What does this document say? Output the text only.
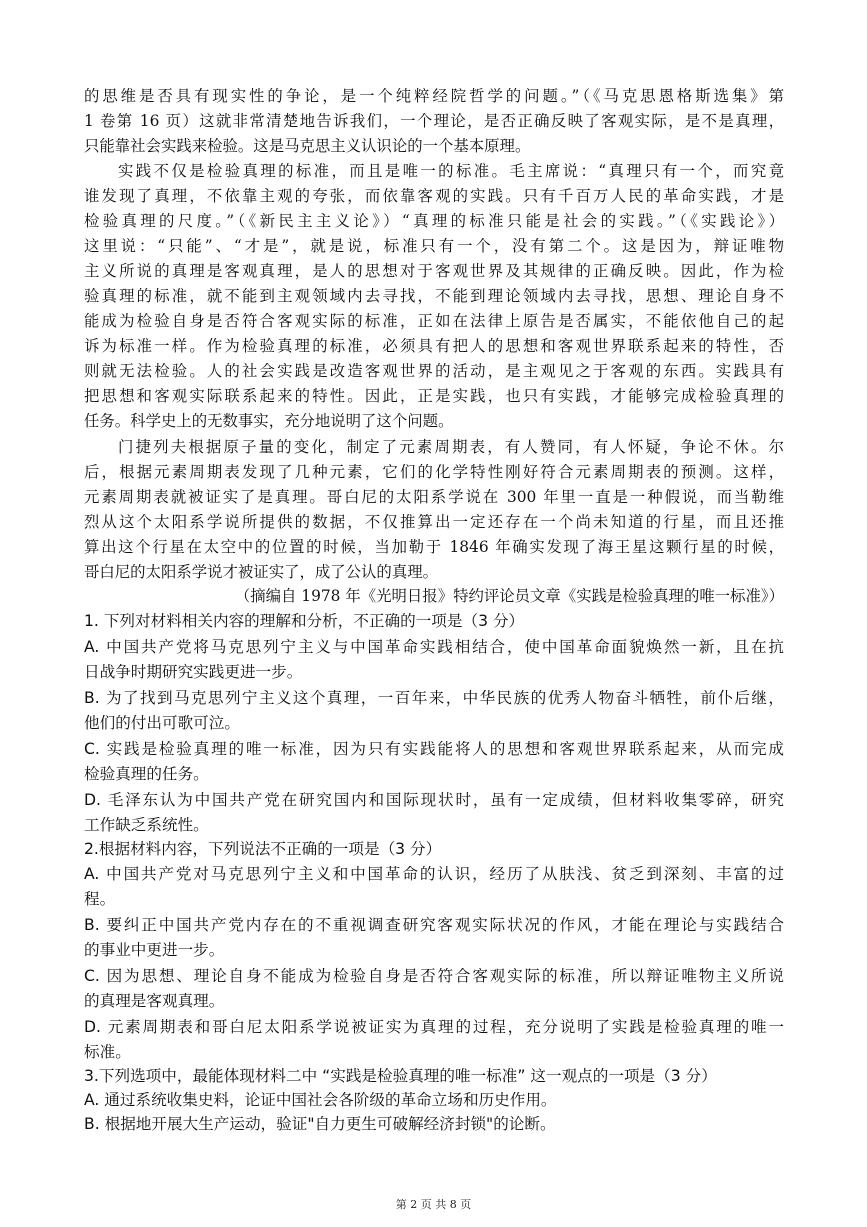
的思维是否具有现实性的争论，是一个纯粹经院哲学的问题。”（《马克思恩格斯选集》第
1 卷第 16 页）这就非常清楚地告诉我们，一个理论，是否正确反映了客观实际，是不是真理，
只能靠社会实践来检验。这是马克思主义认识论的一个基本原理。
实践不仅是检验真理的标准，而且是唯一的标准。毛主席说：“真理只有一个，而究竟
谁发现了真理，不依靠主观的夸张，而依靠客观的实践。只有千百万人民的革命实践，才是
检验真理的尺度。”（《新民主主义论》）“真理的标准只能是社会的实践。”（《实践论》）
这里说：“只能”、“才是”，就是说，标准只有一个，没有第二个。这是因为，辩证唯物
主义所说的真理是客观真理，是人的思想对于客观世界及其规律的正确反映。因此，作为检
验真理的标准，就不能到主观领域内去寻找，不能到理论领域内去寻找，思想、理论自身不
能成为检验自身是否符合客观实际的标准，正如在法律上原告是否属实，不能依他自己的起
诉为标准一样。作为检验真理的标准，必须具有把人的思想和客观世界联系起来的特性，否
则就无法检验。人的社会实践是改造客观世界的活动，是主观见之于客观的东西。实践具有
把思想和客观实际联系起来的特性。因此，正是实践，也只有实践，才能够完成检验真理的
任务。科学史上的无数事实，充分地说明了这个问题。
门捷列夫根据原子量的变化，制定了元素周期表，有人赞同，有人怀疑，争论不休。尔
后，根据元素周期表发现了几种元素，它们的化学特性刚好符合元素周期表的预测。这样，
元素周期表就被证实了是真理。哥白尼的太阳系学说在 300 年里一直是一种假说，而当勒维
烈从这个太阳系学说所提供的数据，不仅推算出一定还存在一个尚未知道的行星，而且还推
算出这个行星在太空中的位置的时候，当加勒于 1846 年确实发现了海王星这颗行星的时候，
哥白尼的太阳系学说才被证实了，成了公认的真理。
（摘编自 1978 年《光明日报》特约评论员文章《实践是检验真理的唯一标准》）
1. 下列对材料相关内容的理解和分析，不正确的一项是（3 分）
A. 中国共产党将马克思列宁主义与中国革命实践相结合，使中国革命面貌焕然一新，且在抗
日战争时期研究实践更进一步。
B. 为了找到马克思列宁主义这个真理，一百年来，中华民族的优秀人物奋斗牺牲，前仆后继，
他们的付出可歌可泣。
C. 实践是检验真理的唯一标准，因为只有实践能将人的思想和客观世界联系起来，从而完成
检验真理的任务。
D. 毛泽东认为中国共产党在研究国内和国际现状时，虽有一定成绩，但材料收集零碎，研究
工作缺乏系统性。
2.根据材料内容，下列说法不正确的一项是（3 分）
A. 中国共产党对马克思列宁主义和中国革命的认识，经历了从肤浅、贫乏到深刻、丰富的过
程。
B. 要纠正中国共产党内存在的不重视调查研究客观实际状况的作风，才能在理论与实践结合
的事业中更进一步。
C. 因为思想、理论自身不能成为检验自身是否符合客观实际的标准，所以辩证唯物主义所说
的真理是客观真理。
D. 元素周期表和哥白尼太阳系学说被证实为真理的过程，充分说明了实践是检验真理的唯一
标准。
3.下列选项中，最能体现材料二中 “实践是检验真理的唯一标准” 这一观点的一项是（3 分）
A. 通过系统收集史料，论证中国社会各阶级的革命立场和历史作用。
B. 根据地开展大生产运动，验证"自力更生可破解经济封锁"的论断。
第 2 页 共 8 页
